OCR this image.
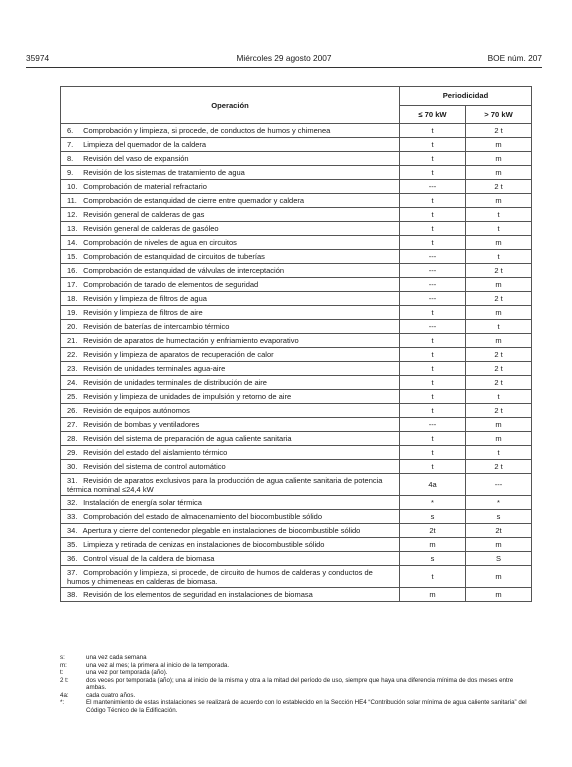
35974	Miércoles 29 agosto 2007	BOE núm. 207
Operación	Periodicidad	
	≤ 70 kW	> 70 kW
6. Comprobación y limpieza, si procede, de conductos de humos y chimenea	t	2 t
7. Limpieza del quemador de la caldera	t	m
8. Revisión del vaso de expansión	t	m
9. Revisión de los sistemas de tratamiento de agua	t	m
10. Comprobación de material refractario	---	2 t
11. Comprobación de estanquidad de cierre entre quemador y caldera	t	m
12. Revisión general de calderas de gas	t	t
13. Revisión general de calderas de gasóleo	t	t
14. Comprobación de niveles de agua en circuitos	t	m
15. Comprobación de estanquidad de circuitos de tuberías	---	t
16. Comprobación de estanquidad de válvulas de interceptación	---	2 t
17. Comprobación de tarado de elementos de seguridad	---	m
18. Revisión y limpieza de filtros de agua	---	2 t
19. Revisión y limpieza de filtros de aire	t	m
20. Revisión de baterías de intercambio térmico	---	t
21. Revisión de aparatos de humectación y enfriamiento evaporativo	t	m
22. Revisión y limpieza de aparatos de recuperación de calor	t	2 t
23. Revisión de unidades terminales agua-aire	t	2 t
24. Revisión de unidades terminales de distribución de aire	t	2 t
25. Revisión y limpieza de unidades de impulsión y retorno de aire	t	t
26. Revisión de equipos autónomos	t	2 t
27. Revisión de bombas y ventiladores	---	m
28. Revisión del sistema de preparación de agua caliente sanitaria	t	m
29. Revisión del estado del aislamiento térmico	t	t
30. Revisión del sistema de control automático	t	2 t
31. Revisión de aparatos exclusivos para la producción de agua caliente sanitaria de potencia térmica nominal ≤24,4 kW	4a	---
32. Instalación de energía solar térmica	*	*
33. Comprobación del estado de almacenamiento del biocombustible sólido	s	s
34. Apertura y cierre del contenedor plegable en instalaciones de biocombustible sólido	2t	2t
35. Limpieza y retirada de cenizas en instalaciones de biocombustible sólido	m	m
36. Control visual de la caldera de biomasa	s	S
37. Comprobación y limpieza, si procede, de circuito de humos de calderas y conductos de humos y chimeneas en calderas de biomasa.	t	m
38. Revisión de los elementos de seguridad en instalaciones de biomasa	m	m
s:	una vez cada semana
m:	una vez al mes; la primera al inicio de la temporada.
t:	una vez por temporada (año).
2 t:	dos veces por temporada (año); una al inicio de la misma y otra a la mitad del período de uso, siempre que haya una diferencia mínima de dos meses entre ambas.
4a:	cada cuatro años.
*:	El mantenimiento de estas instalaciones se realizará de acuerdo con lo establecido en la Sección HE4 “Contribución solar mínima de agua caliente sanitaria” del Código Técnico de la Edificación.
